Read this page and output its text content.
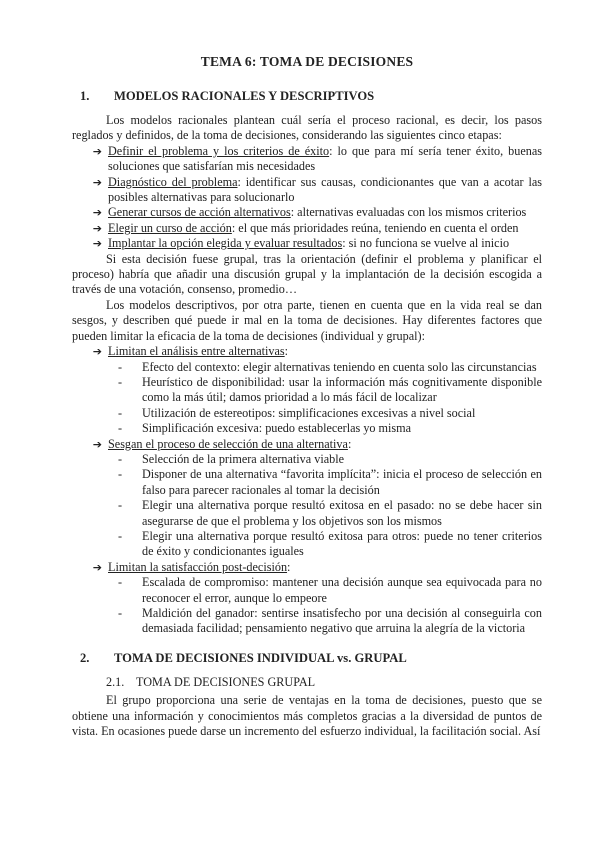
TEMA 6: TOMA DE DECISIONES
1.	MODELOS RACIONALES Y DESCRIPTIVOS

Los modelos racionales plantean cuál sería el proceso racional, es decir, los pasos reglados y definidos, de la toma de decisiones, considerando las siguientes cinco etapas:

➔ Definir el problema y los criterios de éxito: lo que para mí sería tener éxito, buenas soluciones que satisfarían mis necesidades
➔ Diagnóstico del problema: identificar sus causas, condicionantes que van a acotar las posibles alternativas para solucionarlo
➔ Generar cursos de acción alternativos: alternativas evaluadas con los mismos criterios
➔ Elegir un curso de acción: el que más prioridades reúna, teniendo en cuenta el orden
➔ Implantar la opción elegida y evaluar resultados: si no funciona se vuelve al inicio

Si esta decisión fuese grupal, tras la orientación (definir el problema y planificar el proceso) habría que añadir una discusión grupal y la implantación de la decisión escogida a través de una votación, consenso, promedio…

Los modelos descriptivos, por otra parte, tienen en cuenta que en la vida real se dan sesgos, y describen qué puede ir mal en la toma de decisiones. Hay diferentes factores que pueden limitar la eficacia de la toma de decisiones (individual y grupal):

➔ Limitan el análisis entre alternativas:
-	Efecto del contexto: elegir alternativas teniendo en cuenta solo las circunstancias
-	Heurístico de disponibilidad: usar la información más cognitivamente disponible como la más útil; damos prioridad a lo más fácil de localizar
-	Utilización de estereotipos: simplificaciones excesivas a nivel social
-	Simplificación excesiva: puedo establecerlas yo misma
➔ Sesgan el proceso de selección de una alternativa:
-	Selección de la primera alternativa viable
-	Disponer de una alternativa “favorita implícita”: inicia el proceso de selección en falso para parecer racionales al tomar la decisión
-	Elegir una alternativa porque resultó exitosa en el pasado: no se debe hacer sin asegurarse de que el problema y los objetivos son los mismos
-	Elegir una alternativa porque resultó exitosa para otros: puede no tener criterios de éxito y condicionantes iguales
➔ Limitan la satisfacción post-decisión:
-	Escalada de compromiso: mantener una decisión aunque sea equivocada para no reconocer el error, aunque lo empeore
-	Maldición del ganador: sentirse insatisfecho por una decisión al conseguirla con demasiada facilidad; pensamiento negativo que arruina la alegría de la victoria
2.	TOMA DE DECISIONES INDIVIDUAL vs. GRUPAL
2.1. TOMA DE DECISIONES GRUPAL

El grupo proporciona una serie de ventajas en la toma de decisiones, puesto que se obtiene una información y conocimientos más completos gracias a la diversidad de puntos de vista. En ocasiones puede darse un incremento del esfuerzo individual, la facilitación social. Así
